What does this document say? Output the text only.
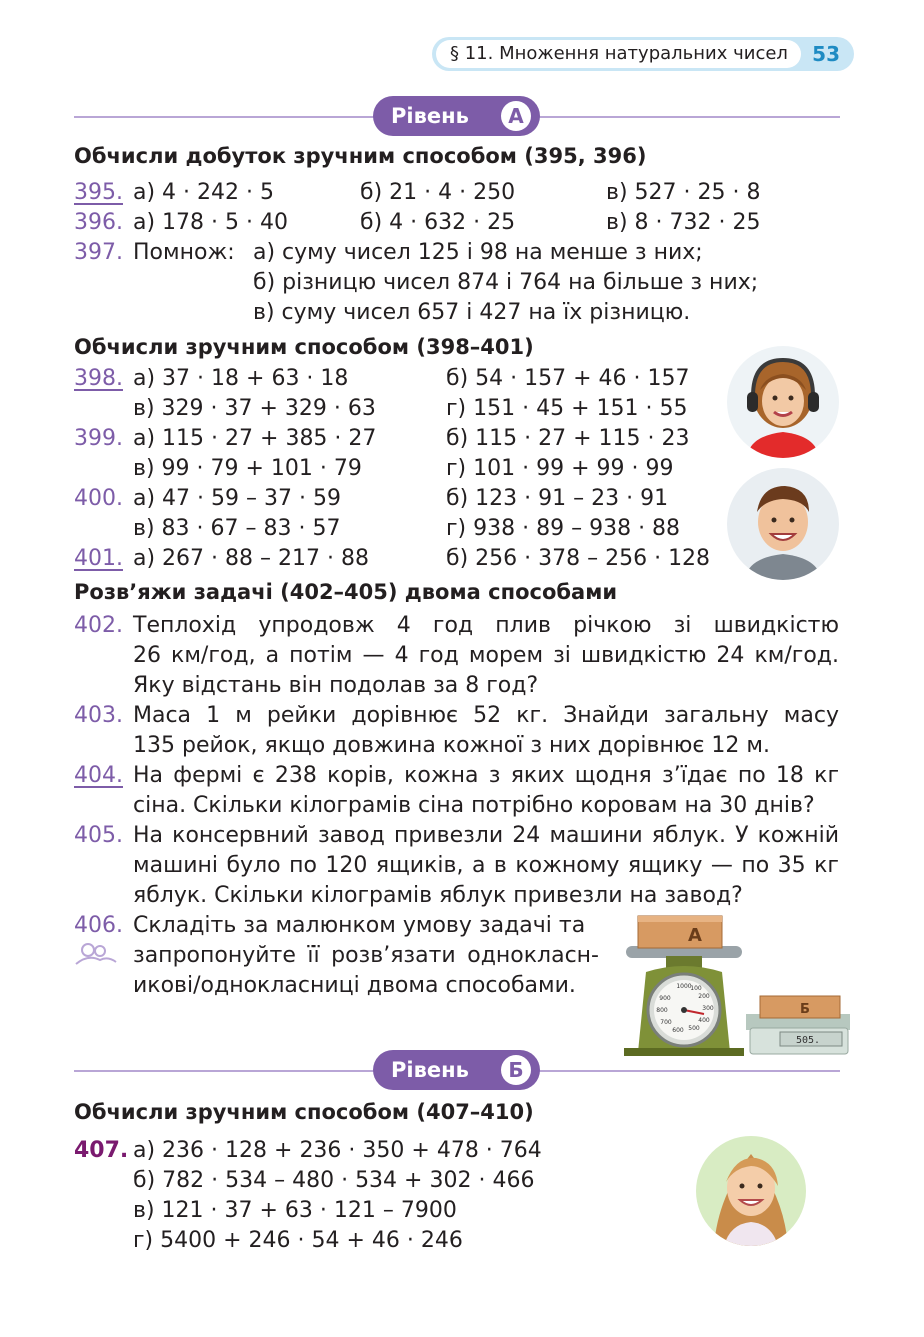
§ 11. Множення натуральних чисел	53
Рівень	А
Обчисли добуток зручним способом (395, 396)
395. а) 4 · 242 · 5	б) 21 · 4 · 250	в) 527 · 25 · 8
396. а) 178 · 5 · 40	б) 4 · 632 · 25	в) 8 · 732 · 25
397. Помнож: а) суму чисел 125 і 98 на менше з них;
б) різницю чисел 874 і 764 на більше з них;
в) суму чисел 657 і 427 на їх різницю.
Обчисли зручним способом (398–401)
398. а) 37 · 18 + 63 · 18	б) 54 · 157 + 46 · 157
в) 329 · 37 + 329 · 63	г) 151 · 45 + 151 · 55
399. а) 115 · 27 + 385 · 27	б) 115 · 27 + 115 · 23
в) 99 · 79 + 101 · 79	г) 101 · 99 + 99 · 99
400. а) 47 · 59 – 37 · 59	б) 123 · 91 – 23 · 91
в) 83 · 67 – 83 · 57	г) 938 · 89 – 938 · 88
401. а) 267 · 88 – 217 · 88	б) 256 · 378 – 256 · 128
Розв’яжи задачі (402–405) двома способами
402. Теплохід упродовж 4 год плив річкою зі швидкістю
26 км/год, а потім — 4 год морем зі швидкістю 24 км/год.
Яку відстань він подолав за 8 год?
403. Маса 1 м рейки дорівнює 52 кг. Знайди загальну масу
135 рейок, якщо довжина кожної з них дорівнює 12 м.
404. На фермі є 238 корів, кожна з яких щодня з’їдає по 18 кг
сіна. Скільки кілограмів сіна потрібно коровам на 30 днів?
405. На консервний завод привезли 24 машини яблук. У кожній
машині було по 120 ящиків, а в кожному ящику — по 35 кг
яблук. Скільки кілограмів яблук привезли на завод?
406. Складіть за малюнком умову задачі та
запропонуйте її розв’язати однокласн-
икові/однокласниці двома способами.	1000
100
200
300
400
500
600
700
800
900
А
505.
Б
Рівень	Б
Обчисли зручним способом (407–410)
407. а) 236 · 128 + 236 · 350 + 478 · 764
б) 782 · 534 – 480 · 534 + 302 · 466
в) 121 · 37 + 63 · 121 – 7900
г) 5400 + 246 · 54 + 46 · 246
